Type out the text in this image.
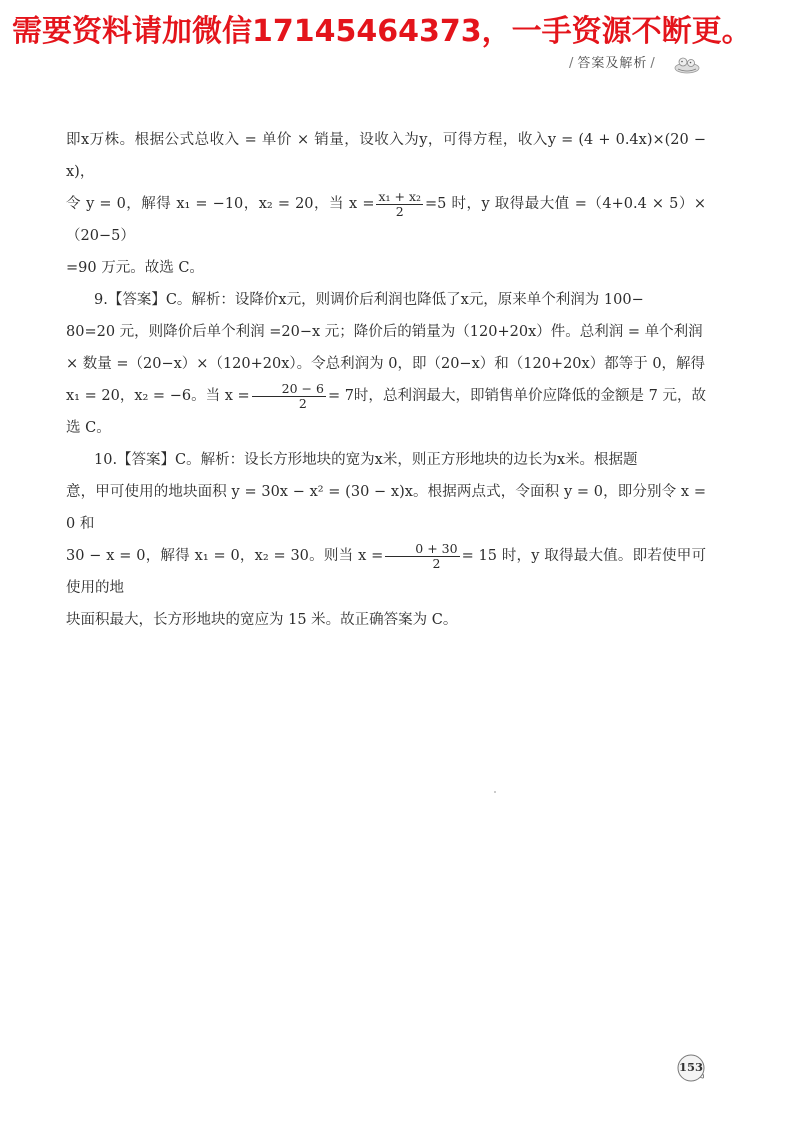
需要资料请加微信17145464373，一手资源不断更。
/ 答案及解析 /

即x万株。根据公式总收入 = 单价 × 销量，设收入为y，可得方程，收入y = (4 + 0.4x)×(20 − x)，
令 y = 0，解得 x₁ = −10，x₂ = 20，当 $x = \frac{\text{x₁ + x₂}}{2} =5$ 时，y 取得最大值 =（4+0.4 × 5）×（20−5）
=90 万元。故选 C。

9.【答案】C。解析：设降价x元，则调价后利润也降低了x元，原来单个利润为 100−
80=20 元，则降价后单个利润 =20−x 元；降价后的销量为（120+20x）件。总利润 = 单个利润
× 数量 =（20−x）×（120+20x）。令总利润为 0，即（20−x）和（120+20x）都等于 0，解得
x₁ = 20，x₂ = −6。当 $x = \frac{20 - 6}{2} = 7$时，总利润最大，即销售单价应降低的金额是 7 元，故选 C。

10.【答案】C。解析：设长方形地块的宽为x米，则正方形地块的边长为x米。根据题
意，甲可使用的地块面积 y = 30x − x² = (30 − x)x。根据两点式，令面积 y = 0，即分别令 x = 0 和
30 − x = 0，解得 x₁ = 0，x₂ = 30。则当 $x = \frac{0 + 30}{2} = 15$ 时，y 取得最大值。即若使甲可使用的地
块面积最大，长方形地块的宽应为 15 米。故正确答案为 C。

153
